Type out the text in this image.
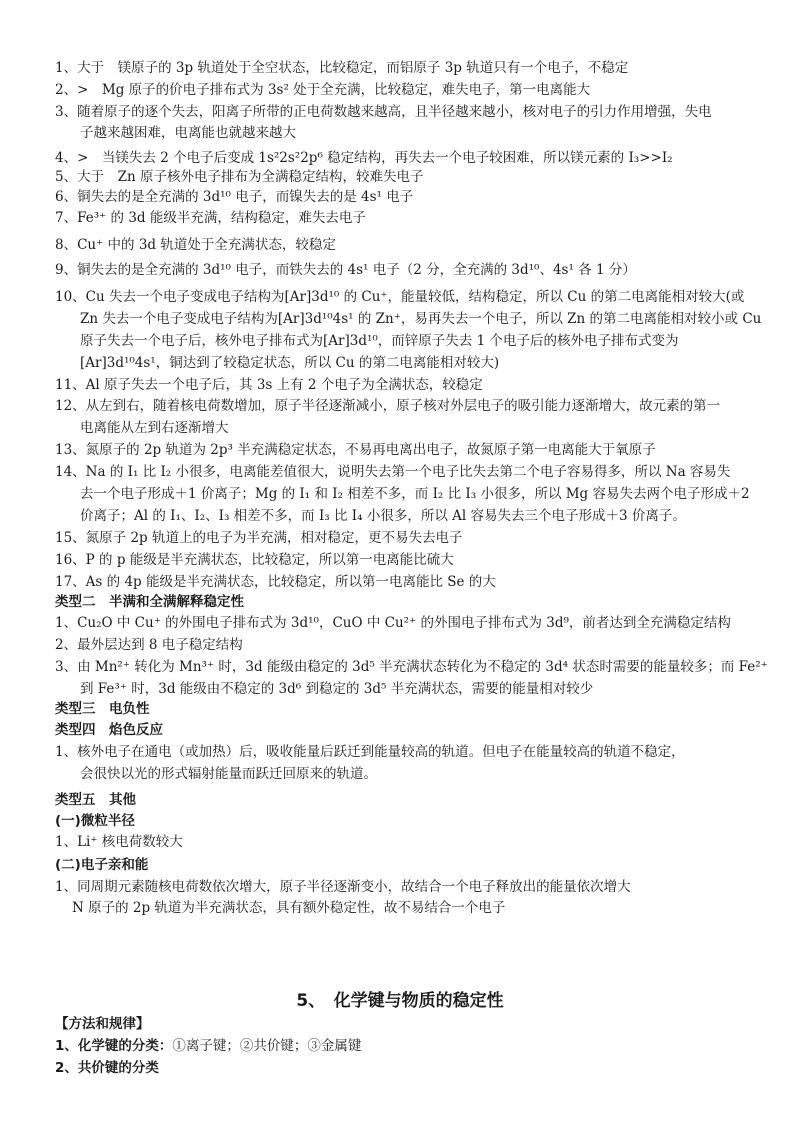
1、大于　镁原子的 3p 轨道处于全空状态，比较稳定，而铝原子 3p 轨道只有一个电子，不稳定
2、>　Mg 原子的价电子排布式为 3s² 处于全充满，比较稳定，难失电子，第一电离能大
3、随着原子的逐个失去，阳离子所带的正电荷数越来越高，且半径越来越小，核对电子的引力作用增强，失电
子越来越困难，电离能也就越来越大
4、>　当镁失去 2 个电子后变成 1s²2s²2p⁶ 稳定结构，再失去一个电子较困难，所以镁元素的 I₃>>I₂
5、大于　Zn 原子核外电子排布为全满稳定结构，较难失电子
6、铜失去的是全充满的 3d¹⁰ 电子，而镍失去的是 4s¹ 电子
7、Fe³⁺ 的 3d 能级半充满，结构稳定，难失去电子
8、Cu⁺ 中的 3d 轨道处于全充满状态，较稳定
9、铜失去的是全充满的 3d¹⁰ 电子，而铁失去的 4s¹ 电子（2 分，全充满的 3d¹⁰、4s¹ 各 1 分）
10、Cu 失去一个电子变成电子结构为[Ar]3d¹⁰ 的 Cu⁺，能量较低，结构稳定，所以 Cu 的第二电离能相对较大(或
Zn 失去一个电子变成电子结构为[Ar]3d¹⁰4s¹ 的 Zn⁺，易再失去一个电子，所以 Zn 的第二电离能相对较小或 Cu
原子失去一个电子后，核外电子排布式为[Ar]3d¹⁰，而锌原子失去 1 个电子后的核外电子排布式变为
[Ar]3d¹⁰4s¹，铜达到了较稳定状态，所以 Cu 的第二电离能相对较大)
11、Al 原子失去一个电子后，其 3s 上有 2 个电子为全满状态，较稳定
12、从左到右，随着核电荷数增加，原子半径逐渐减小，原子核对外层电子的吸引能力逐渐增大，故元素的第一
电离能从左到右逐渐增大
13、氮原子的 2p 轨道为 2p³ 半充满稳定状态，不易再电离出电子，故氮原子第一电离能大于氧原子
14、Na 的 I₁ 比 I₂ 小很多，电离能差值很大，说明失去第一个电子比失去第二个电子容易得多，所以 Na 容易失
去一个电子形成＋1 价离子；Mg 的 I₁ 和 I₂ 相差不多，而 I₂ 比 I₃ 小很多，所以 Mg 容易失去两个电子形成＋2
价离子；Al 的 I₁、I₂、I₃ 相差不多，而 I₃ 比 I₄ 小很多，所以 Al 容易失去三个电子形成＋3 价离子。
15、氮原子 2p 轨道上的电子为半充满，相对稳定，更不易失去电子
16、P 的 p 能级是半充满状态，比较稳定，所以第一电离能比硫大
17、As 的 4p 能级是半充满状态，比较稳定，所以第一电离能比 Se 的大
类型二　半满和全满解释稳定性
1、Cu₂O 中 Cu⁺ 的外围电子排布式为 3d¹⁰，CuO 中 Cu²⁺ 的外围电子排布式为 3d⁹，前者达到全充满稳定结构
2、最外层达到 8 电子稳定结构
3、由 Mn²⁺ 转化为 Mn³⁺ 时，3d 能级由稳定的 3d⁵ 半充满状态转化为不稳定的 3d⁴ 状态时需要的能量较多；而 Fe²⁺
到 Fe³⁺ 时，3d 能级由不稳定的 3d⁶ 到稳定的 3d⁵ 半充满状态，需要的能量相对较少
类型三　电负性
类型四　焰色反应
1、核外电子在通电（或加热）后，吸收能量后跃迁到能量较高的轨道。但电子在能量较高的轨道不稳定，
会很快以光的形式辐射能量而跃迁回原来的轨道。
类型五　其他
(一)微粒半径
1、Li⁺ 核电荷数较大
(二)电子亲和能
1、同周期元素随核电荷数依次增大，原子半径逐渐变小，故结合一个电子释放出的能量依次增大
N 原子的 2p 轨道为半充满状态，具有额外稳定性，故不易结合一个电子
5、　化学键与物质的稳定性
【方法和规律】
1、化学键的分类：①离子键；②共价键；③金属键
2、共价键的分类
